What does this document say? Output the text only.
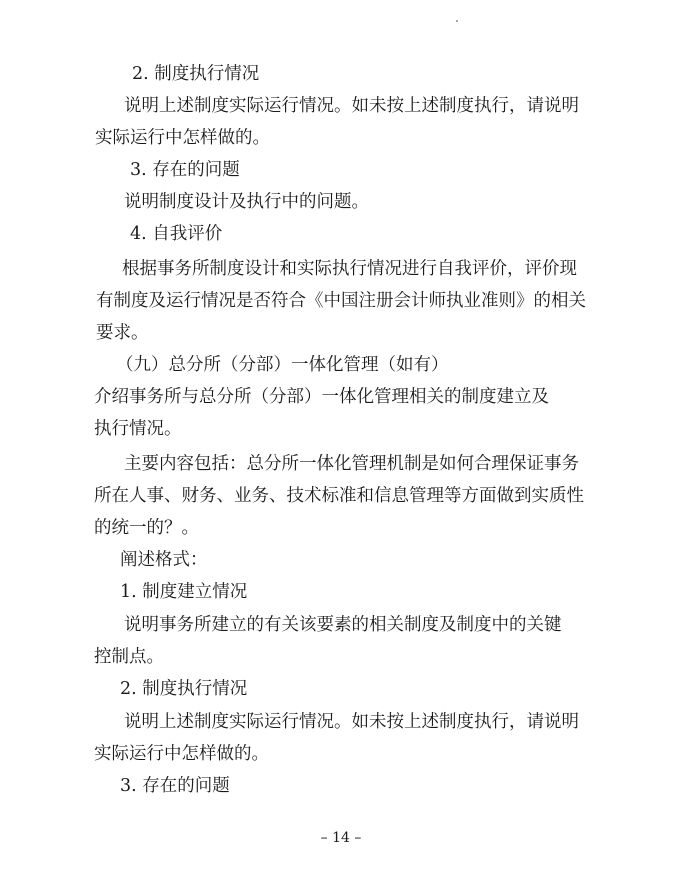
2. 制度执行情况

说明上述制度实际运行情况。如未按上述制度执行，请说明

实际运行中怎样做的。

3. 存在的问题

说明制度设计及执行中的问题。

4. 自我评价

根据事务所制度设计和实际执行情况进行自我评价，评价现

有制度及运行情况是否符合《中国注册会计师执业准则》的相关

要求。

（九）总分所（分部）一体化管理（如有）

介绍事务所与总分所（分部）一体化管理相关的制度建立及

执行情况。

主要内容包括：总分所一体化管理机制是如何合理保证事务

所在人事、财务、业务、技术标准和信息管理等方面做到实质性

的统一的？。

阐述格式：

1. 制度建立情况

说明事务所建立的有关该要素的相关制度及制度中的关键

控制点。

2. 制度执行情况

说明上述制度实际运行情况。如未按上述制度执行，请说明

实际运行中怎样做的。

3. 存在的问题

– 14 –
